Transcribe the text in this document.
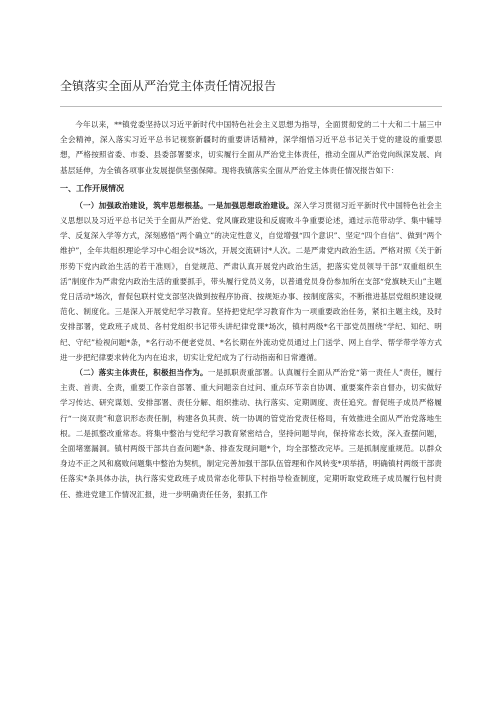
全镇落实全面从严治党主体责任情况报告

今年以来，**镇党委坚持以习近平新时代中国特色社会主义思想为指导，全面贯彻党的二十大和二十届三中全会精神，深入落实习近平总书记视察新疆时的重要讲话精神，深学细悟习近平总书记关于党的建设的重要思想，严格按照省委、市委、县委部署要求，切实履行全面从严治党主体责任，推动全面从严治党向纵深发展、向基层延伸，为全镇各项事业发展提供坚强保障。现将我镇落实全面从严治党主体责任情况报告如下：

一、工作开展情况

（一）加强政治建设，筑牢思想根基。一是加强思想政治建设。深入学习贯彻习近平新时代中国特色社会主义思想以及习近平总书记关于全面从严治党、党风廉政建设和反腐败斗争重要论述，通过示范带动学、集中辅导学、反复深入学等方式，深刻感悟“两个确立”的决定性意义，自觉增强“四个意识”、坚定“四个自信”、做到“两个维护”，全年共组织理论学习中心组会议*场次，开展交流研讨*人次。二是严肃党内政治生活。严格对照《关于新形势下党内政治生活的若干准则》，自觉规范、严肃认真开展党内政治生活，把落实党员领导干部“双重组织生活”制度作为严肃党内政治生活的重要抓手，带头履行党员义务，以普通党员身份参加所在支部“党旗映天山”主题党日活动*场次，督促包联村党支部坚决做到按程序协商、按规矩办事、按制度落实，不断推进基层党组织建设规范化、制度化。三是深入开展党纪学习教育。坚持把党纪学习教育作为一项重要政治任务，紧扣主题主线，及时安排部署，党政班子成员、各村党组织书记带头讲纪律党课*场次，镇村两级*名干部党员围绕“学纪、知纪、明纪、守纪”检视问题*条，*名行动不便老党员、*名长期在外流动党员通过上门送学、网上自学、帮学带学等方式进一步把纪律要求转化为内在追求，切实让党纪成为了行动指南和日常遵循。

（二）落实主体责任，积极担当作为。一是抓职责重部署。认真履行全面从严治党“第一责任人”责任，履行主责、首责、全责，重要工作亲自部署、重大问题亲自过问、重点环节亲自协调、重要案件亲自督办，切实做好学习传达、研究谋划、安排部署、责任分解、组织推动、执行落实、定期调度、责任追究。督促班子成员严格履行“一岗双责”和意识形态责任制，构建各负其责、统一协调的管党治党责任格局，有效推进全面从严治党落地生根。二是抓整改重常态。将集中整治与党纪学习教育紧密结合，坚持问题导向，保持常态长效，深入查摆问题，全面堵塞漏洞。镇村两级干部共自查问题*条、排查发现问题*个，均全部整改完毕。三是抓制度重规范。以群众身边不正之风和腐败问题集中整治为契机，制定完善加强干部队伍管理和作风转变*项举措，明确镇村两级干部责任落实*条具体办法，执行落实党政班子成员常态化带队下村指导检查制度，定期听取党政班子成员履行包村责任、推进党建工作情况汇报，进一步明确责任任务，狠抓工作
